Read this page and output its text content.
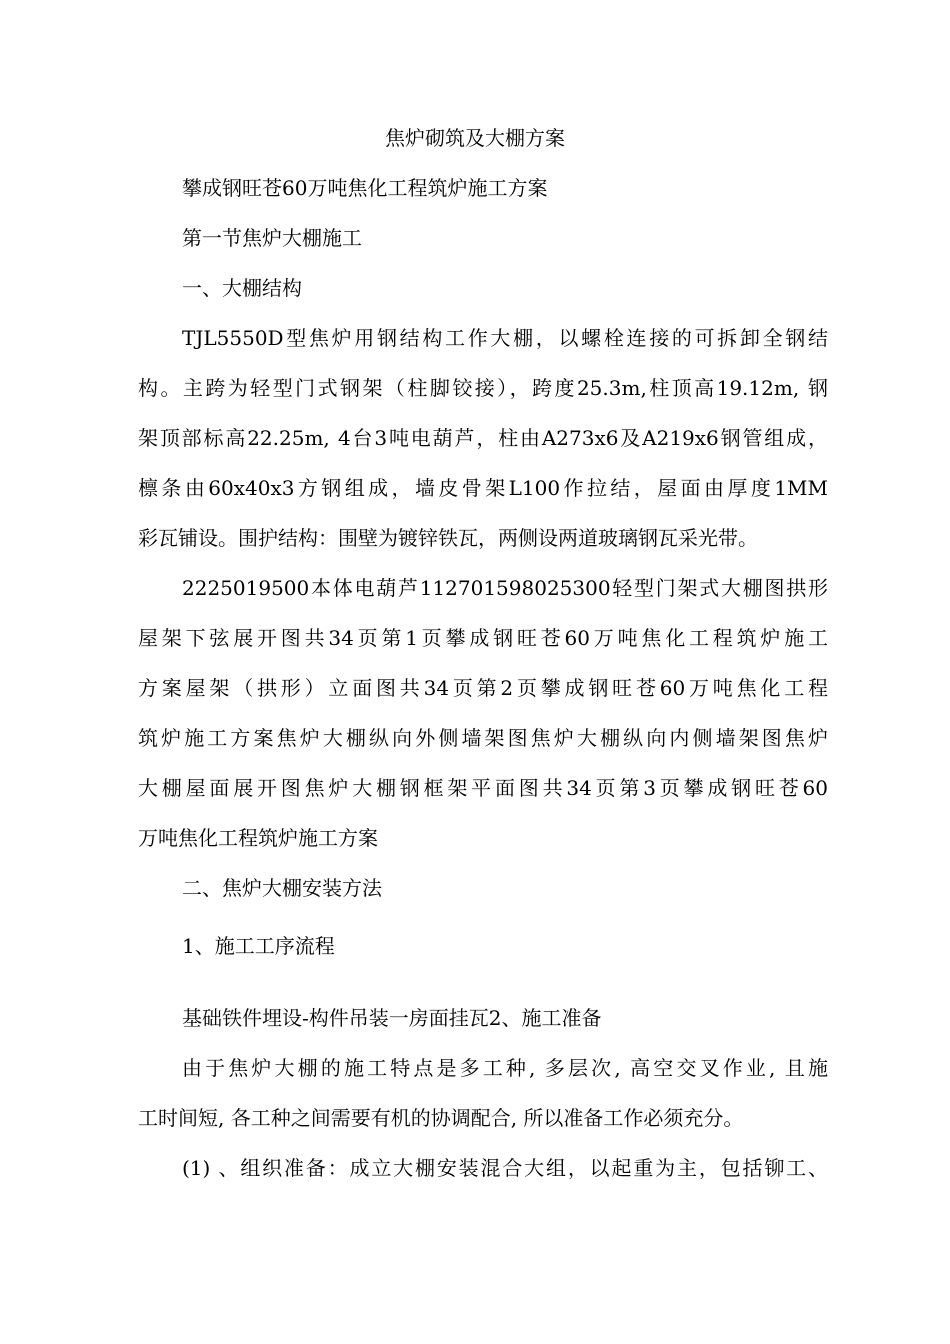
焦炉砌筑及大棚方案
攀成钢旺苍60万吨焦化工程筑炉施工方案
第一节焦炉大棚施工
一、大棚结构
TJL5550D型焦炉用钢结构工作大棚，以螺栓连接的可拆卸全钢结
构。主跨为轻型门式钢架（柱脚铰接），跨度25.3m,柱顶高19.12m, 钢
架顶部标高22.25m, 4台3吨电葫芦，柱由A273x6及A219x6钢管组成，
檩条由60x40x3方钢组成，墙皮骨架L100作拉结，屋面由厚度1MM
彩瓦铺设。围护结构：围壁为镀锌铁瓦，两侧设两道玻璃钢瓦采光带。
2225019500本体电葫芦112701598025300轻型门架式大棚图拱形
屋架下弦展开图共34页第1页攀成钢旺苍60万吨焦化工程筑炉施工
方案屋架（拱形）立面图共34页第2页攀成钢旺苍60万吨焦化工程
筑炉施工方案焦炉大棚纵向外侧墙架图焦炉大棚纵向内侧墙架图焦炉
大棚屋面展开图焦炉大棚钢框架平面图共34页第3页攀成钢旺苍60
万吨焦化工程筑炉施工方案
二、焦炉大棚安装方法
1、施工工序流程
基础铁件埋设-构件吊装一房面挂瓦2、施工准备
由于焦炉大棚的施工特点是多工种, 多层次, 高空交叉作业, 且施
工时间短, 各工种之间需要有机的协调配合, 所以准备工作必须充分。
(1) 、组织准备：成立大棚安装混合大组，以起重为主，包括铆工、
